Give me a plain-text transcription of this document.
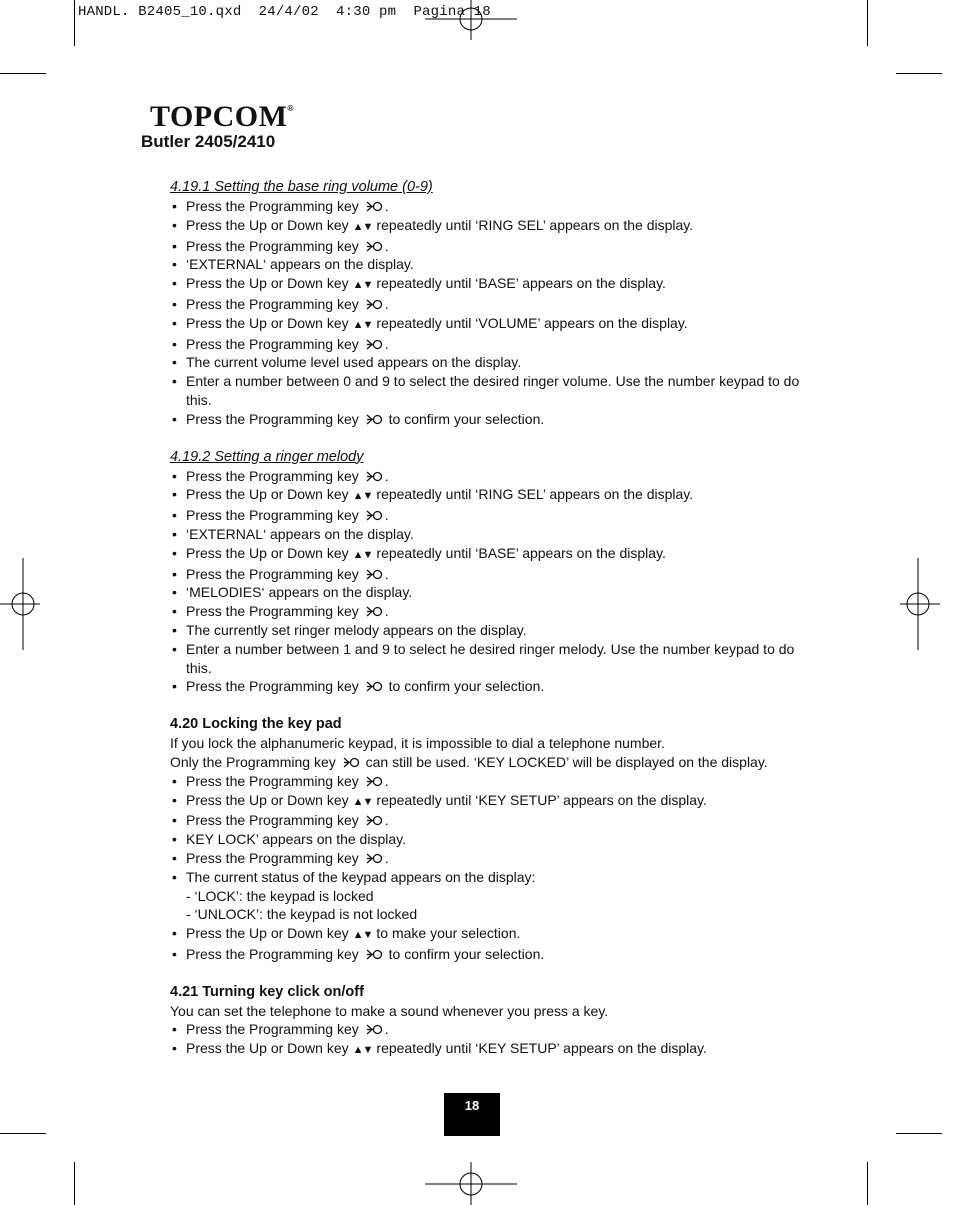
HANDL. B2405_10.qxd  24/4/02  4:30 pm  Pagina 18
TOPCOM®
Butler 2405/2410
4.19.1 Setting the base ring volume (0-9)
• Press the Programming key .
• Press the Up or Down key ▲▼ repeatedly until ‘RING SEL’ appears on the display.
• Press the Programming key .
• ‘EXTERNAL‘ appears on the display.
• Press the Up or Down key ▲▼ repeatedly until ‘BASE’ appears on the display.
• Press the Programming key .
• Press the Up or Down key ▲▼ repeatedly until ‘VOLUME’ appears on the display.
• Press the Programming key .
• The current volume level used appears on the display.
• Enter a number between 0 and 9 to select the desired ringer volume. Use the number keypad to do this.
• Press the Programming key to confirm your selection.
4.19.2 Setting a ringer melody
• Press the Programming key .
• Press the Up or Down key ▲▼ repeatedly until ‘RING SEL’ appears on the display.
• Press the Programming key .
• ‘EXTERNAL‘ appears on the display.
• Press the Up or Down key ▲▼ repeatedly until ‘BASE’ appears on the display.
• Press the Programming key .
• ‘MELODIES‘ appears on the display.
• Press the Programming key .
• The currently set ringer melody appears on the display.
• Enter a number between 1 and 9 to select he desired ringer melody. Use the number keypad to do this.
• Press the Programming key to confirm your selection.
4.20 Locking the key pad

If you lock the alphanumeric keypad, it is impossible to dial a telephone number.

Only the Programming key can still be used. ‘KEY LOCKED’ will be displayed on the display.

• Press the Programming key .
• Press the Up or Down key ▲▼ repeatedly until ‘KEY SETUP’ appears on the display.
• Press the Programming key .
• KEY LOCK’ appears on the display.
• Press the Programming key .
• The current status of the keypad appears on the display:

- ‘LOCK’: the keypad is locked

- ‘UNLOCK’: the keypad is not locked

• Press the Up or Down key ▲▼ to make your selection.
• Press the Programming key to confirm your selection.
4.21 Turning key click on/off

You can set the telephone to make a sound whenever you press a key.

• Press the Programming key .
• Press the Up or Down key ▲▼ repeatedly until ‘KEY SETUP’ appears on the display.
18
